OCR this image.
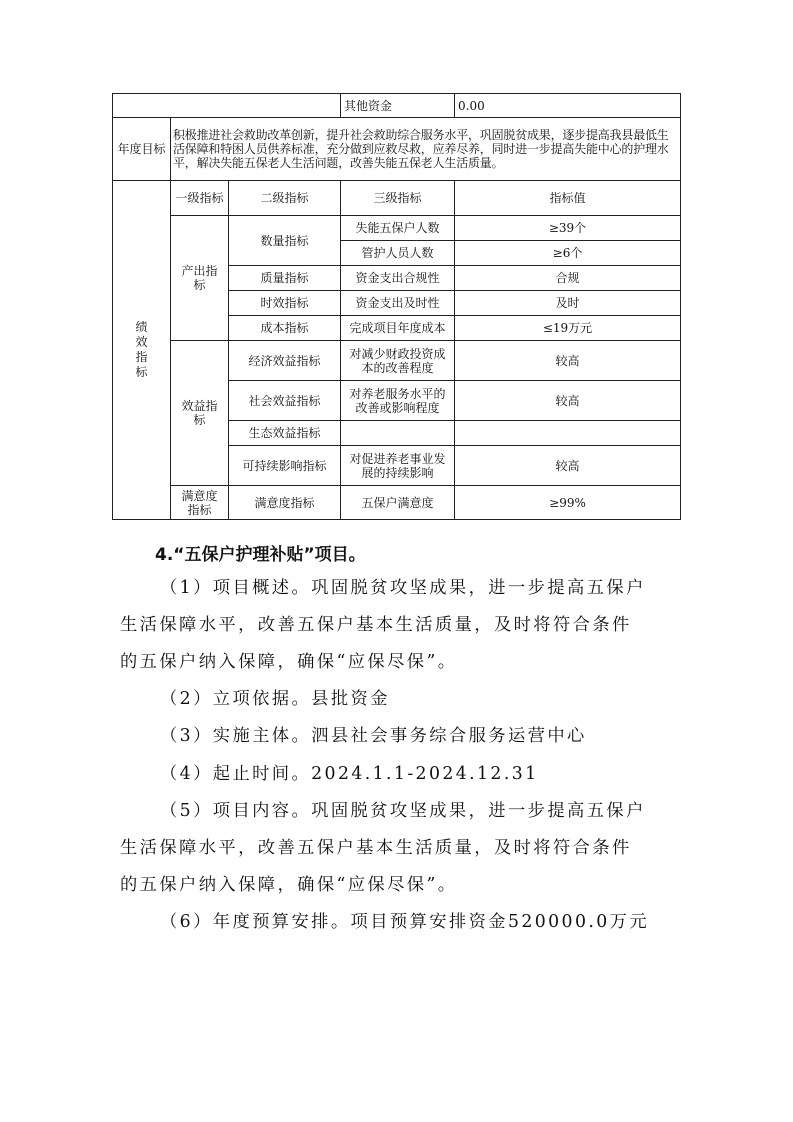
			其他资金	0.00
年度目标	积极推进社会救助改革创新，提升社会救助综合服务水平，巩固脱贫成果，逐步提高我县最低生活保障和特困人员供养标准，充分做到应救尽救，应养尽养，同时进一步提高失能中心的护理水平，解决失能五保老人生活问题，改善失能五保老人生活质量。			
绩效指标	一级指标	二级指标	三级指标	指标值
	产出指标	数量指标	失能五保户人数	≥39个
			管护人员人数	≥6个
		质量指标	资金支出合规性	合规
		时效指标	资金支出及时性	及时
		成本指标	完成项目年度成本	≤19万元
	效益指标	经济效益指标	对减少财政投资成本的改善程度	较高
		社会效益指标	对养老服务水平的改善或影响程度	较高
		生态效益指标		
		可持续影响指标	对促进养老事业发展的持续影响	较高
	满意度指标	满意度指标	五保户满意度	≥99%
4.“五保户护理补贴”项目。
（1）项目概述。巩固脱贫攻坚成果，进一步提高五保户
生活保障水平，改善五保户基本生活质量，及时将符合条件
的五保户纳入保障，确保“应保尽保”。
（2）立项依据。县批资金
（3）实施主体。泗县社会事务综合服务运营中心
（4）起止时间。2024.1.1-2024.12.31
（5）项目内容。巩固脱贫攻坚成果，进一步提高五保户
生活保障水平，改善五保户基本生活质量，及时将符合条件
的五保户纳入保障，确保“应保尽保”。
（6）年度预算安排。项目预算安排资金520000.0万元
